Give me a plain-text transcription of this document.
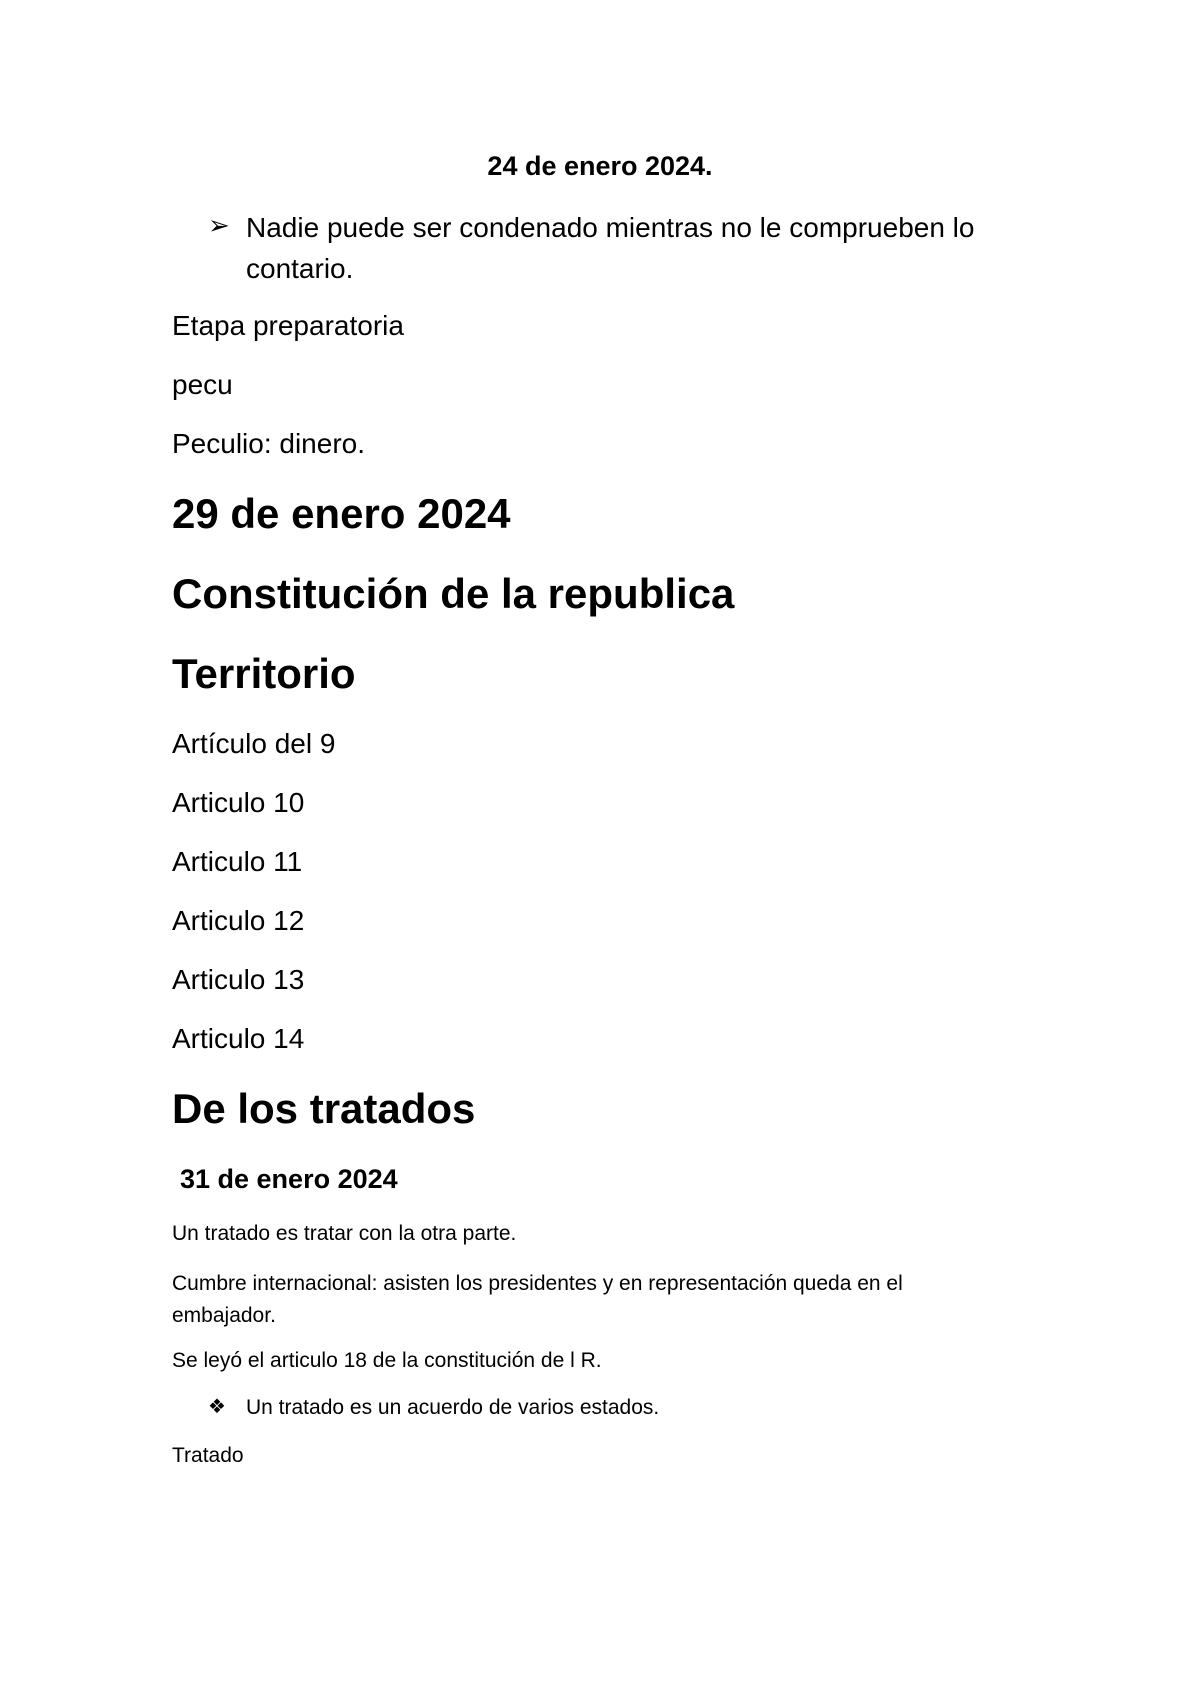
24 de enero 2024.
➢ Nadie puede ser condenado mientras no le comprueben lo
contario.
Etapa preparatoria
pecu
Peculio: dinero.
29 de enero 2024
Constitución de la republica
Territorio
Artículo del 9
Articulo 10
Articulo 11
Articulo 12
Articulo 13
Articulo 14
De los tratados
31 de enero 2024
Un tratado es tratar con la otra parte.
Cumbre internacional: asisten los presidentes y en representación queda en el
embajador.
Se leyó el articulo 18 de la constitución de l R.
❖ Un tratado es un acuerdo de varios estados.
Tratado
